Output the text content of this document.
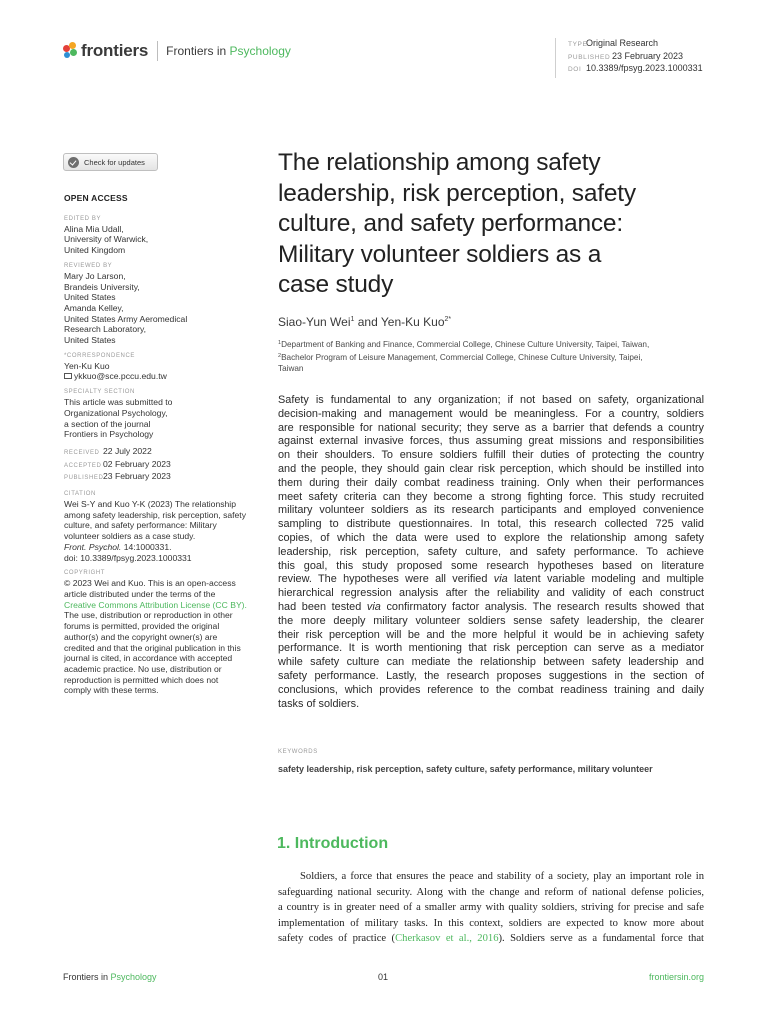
frontiers Frontiers in Psychology	TYPEOriginal Research
PUBLISHED 23 February 2023
DOI 10.3389/fpsyg.2023.1000331
Check for updates
OPEN ACCESS
EDITED BY
Alina Mia Udall,
University of Warwick,
United Kingdom
REVIEWED BY
Mary Jo Larson,
Brandeis University,
United States
Amanda Kelley,
United States Army Aeromedical
Research Laboratory,
United States
*CORRESPONDENCE
Yen-Ku Kuo
ykkuo@sce.pccu.edu.tw
SPECIALTY SECTION
This article was submitted to
Organizational Psychology,
a section of the journal
Frontiers in Psychology
RECEIVED 22 July 2022
ACCEPTED 02 February 2023
PUBLISHED23 February 2023
CITATION
Wei S-Y and Kuo Y-K (2023) The relationship
among safety leadership, risk perception, safety
culture, and safety performance: Military
volunteer soldiers as a case study.
Front. Psychol. 14:1000331.
doi: 10.3389/fpsyg.2023.1000331
COPYRIGHT
© 2023 Wei and Kuo. This is an open-access
article distributed under the terms of the
Creative Commons Attribution License (CC BY).
The use, distribution or reproduction in other
forums is permitted, provided the original
author(s) and the copyright owner(s) are
credited and that the original publication in this
journal is cited, in accordance with accepted
academic practice. No use, distribution or
reproduction is permitted which does not
comply with these terms.
The relationship among safety
leadership, risk perception, safety
culture, and safety performance:
Military volunteer soldiers as a
case study
Siao-Yun Wei$^1$ and Yen-Ku Kuo$^{2*}$
$^1$Department of Banking and Finance, Commercial College, Chinese Culture University, Taipei, Taiwan,
$^2$Bachelor Program of Leisure Management, Commercial College, Chinese Culture University, Taipei,
Taiwan
Safety is fundamental to any organization; if not based on safety, organizational
decision-making and management would be meaningless. For a country, soldiers
are responsible for national security; they serve as a barrier that defends a country
against external invasive forces, thus assuming great missions and responsibilities
on their shoulders. To ensure soldiers fulfill their duties of protecting the country
and the people, they should gain clear risk perception, which should be instilled into
them during their daily combat readiness training. Only when their performances
meet safety criteria can they become a strong fighting force. This study recruited
military volunteer soldiers as its research participants and employed convenience
sampling to distribute questionnaires. In total, this research collected 725 valid
copies, of which the data were used to explore the relationship among safety
leadership, risk perception, safety culture, and safety performance. To achieve
this goal, this study proposed some research hypotheses based on literature
review. The hypotheses were all verified via latent variable modeling and multiple
hierarchical regression analysis after the reliability and validity of each construct
had been tested via confirmatory factor analysis. The research results showed that
the more deeply military volunteer soldiers sense safety leadership, the clearer
their risk perception will be and the more helpful it would be in achieving safety
performance. It is worth mentioning that risk perception can serve as a mediator
while safety culture can mediate the relationship between safety leadership and
safety performance. Lastly, the research proposes suggestions in the section of
conclusions, which provides reference to the combat readiness training and daily
tasks of soldiers.
KEYWORDS
safety leadership, risk perception, safety culture, safety performance, military volunteer
1. Introduction
Soldiers, a force that ensures the peace and stability of a society, play an important role in
safeguarding national security. Along with the change and reform of national defense policies,
a country is in greater need of a smaller army with quality soldiers, striving for precise and safe
implementation of military tasks. In this context, soldiers are expected to know more about
safety codes of practice (Cherkasov et al., 2016). Soldiers serve as a fundamental force that
Frontiers in Psychology	01	frontiersin.org
